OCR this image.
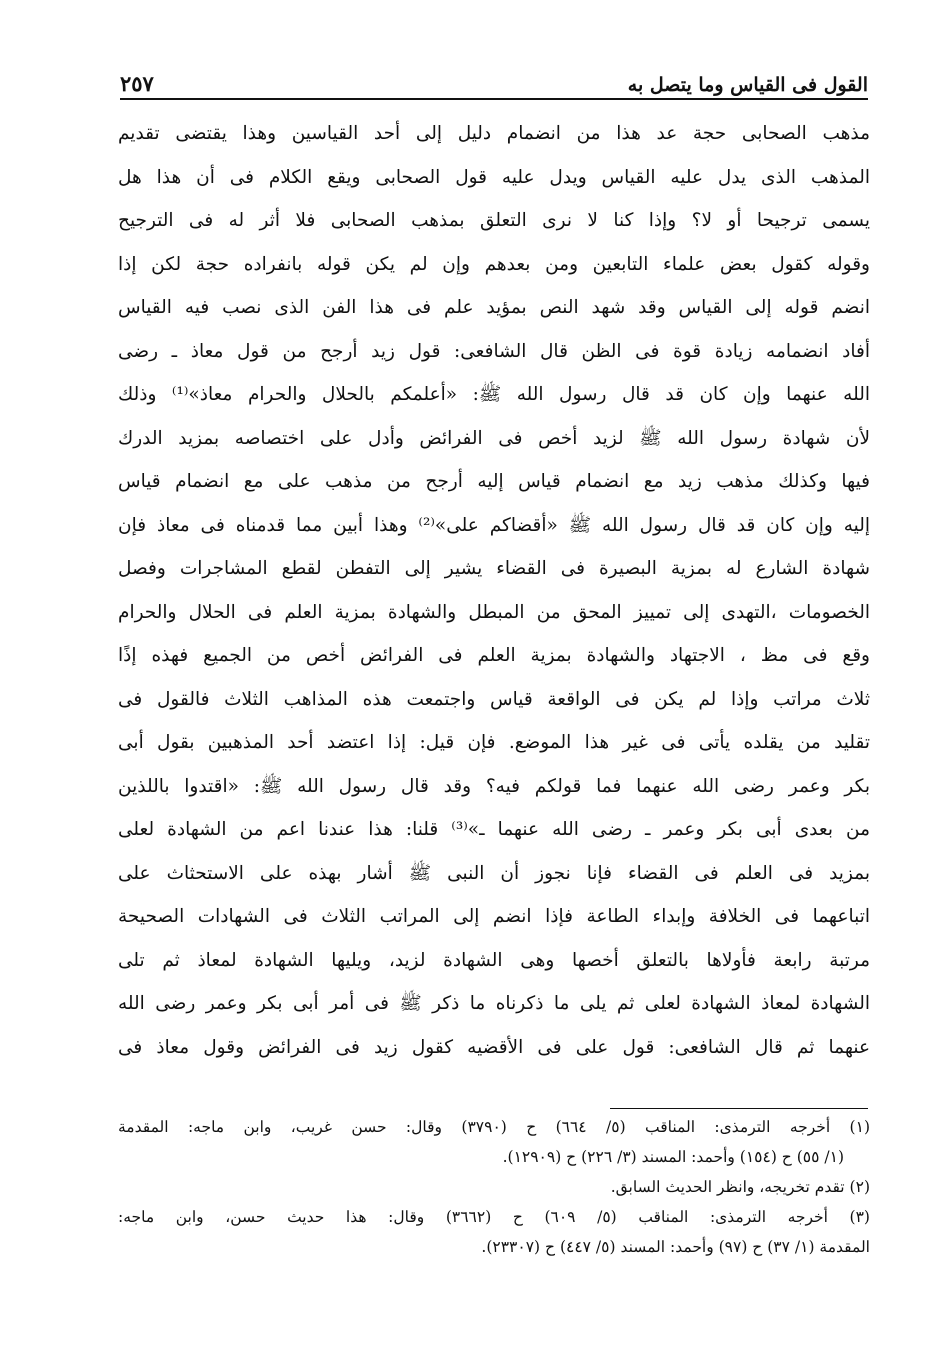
القول فى القياس وما يتصل به
٢٥٧
مذهب الصحابى حجة عد هذا من انضمام دليل إلى أحد القياسين وهذا يقتضى تقديم
المذهب الذى يدل عليه القياس ويدل عليه قول الصحابى ويقع الكلام فى أن هذا هل
يسمى ترجيحا أو لا؟ وإذا كنا لا نرى التعلق بمذهب الصحابى فلا أثر له فى الترجيح
وقوله كقول بعض علماء التابعين ومن بعدهم وإن لم يكن قوله بانفراده حجة لكن إذا
انضم قوله إلى القياس وقد شهد النص بمؤيد علم فى هذا الفن الذى نصب فيه القياس
أفاد انضمامه زيادة قوة فى الظن قال الشافعى: قول زيد أرجح من قول معاذ ـ رضى
الله عنهما وإن كان قد قال رسول الله ﷺ: «أعلمكم بالحلال والحرام معاذ»⁽¹⁾ وذلك
لأن شهادة رسول الله ﷺ لزيد أخص فى الفرائض وأدل على اختصاصه بمزيد الدرك
فيها وكذلك مذهب زيد مع انضمام قياس إليه أرجح من مذهب على مع انضمام قياس
إليه وإن كان قد قال رسول الله ﷺ «أقضاكم على»⁽²⁾ وهذا أبين مما قدمناه فى معاذ فإن
شهادة الشارع له بمزية البصيرة فى القضاء يشير إلى التفطن لقطع المشاجرات وفصل
الخصومات ،التهدى إلى تمييز المحق من المبطل والشهادة بمزية العلم فى الحلال والحرام
وقع فى مظ ، الاجتهاد والشهادة بمزية العلم فى الفرائض أخص من الجميع فهذه إذًا
ثلاث مراتب وإذا لم يكن فى الواقعة قياس واجتمعت هذه المذاهب الثلاث فالقول فى
تقليد من يقلده يأتى فى غير هذا الموضع. فإن قيل: إذا اعتضد أحد المذهبين بقول أبى
بكر وعمر رضى الله عنهما فما قولكم فيه؟ وقد قال رسول الله ﷺ: «اقتدوا باللذين
من بعدى أبى بكر وعمر ـ رضى الله عنهما ـ»⁽³⁾ قلنا: هذا عندنا اعم من الشهادة لعلى
بمزيد فى العلم فى القضاء فإنا نجوز أن النبى ﷺ أشار بهذه على الاستحثاث على
اتباعهما فى الخلافة وإبداء الطاعة فإذا انضم إلى المراتب الثلاث فى الشهادات الصحيحة
مرتبة رابعة فأولاها بالتعلق أخصها وهى الشهادة لزيد، ويليها الشهادة لمعاذ ثم تلى
الشهادة لمعاذ الشهادة لعلى ثم يلى ما ذكرناه ما ذكر ﷺ فى أمر أبى بكر وعمر رضى الله
عنهما ثم قال الشافعى: قول على فى الأقضيه كقول زيد فى الفرائض وقول معاذ فى
(١) أخرجه الترمذى: المناقب (٥/ ٦٦٤) ح (٣٧٩٠) وقال: حسن غريب، وابن ماجه: المقدمة
(١/ ٥٥) ح (١٥٤) وأحمد: المسند (٣/ ٢٢٦) ح (١٢٩٠٩).
(٢) تقدم تخريجه، وانظر الحديث السابق.
(٣) أخرجه الترمذى: المناقب (٥/ ٦٠٩) ح (٣٦٦٢) وقال: هذا حديث حسن، وابن ماجه:
المقدمة (١/ ٣٧) ح (٩٧) وأحمد: المسند (٥/ ٤٤٧) ح (٢٣٣٠٧).
